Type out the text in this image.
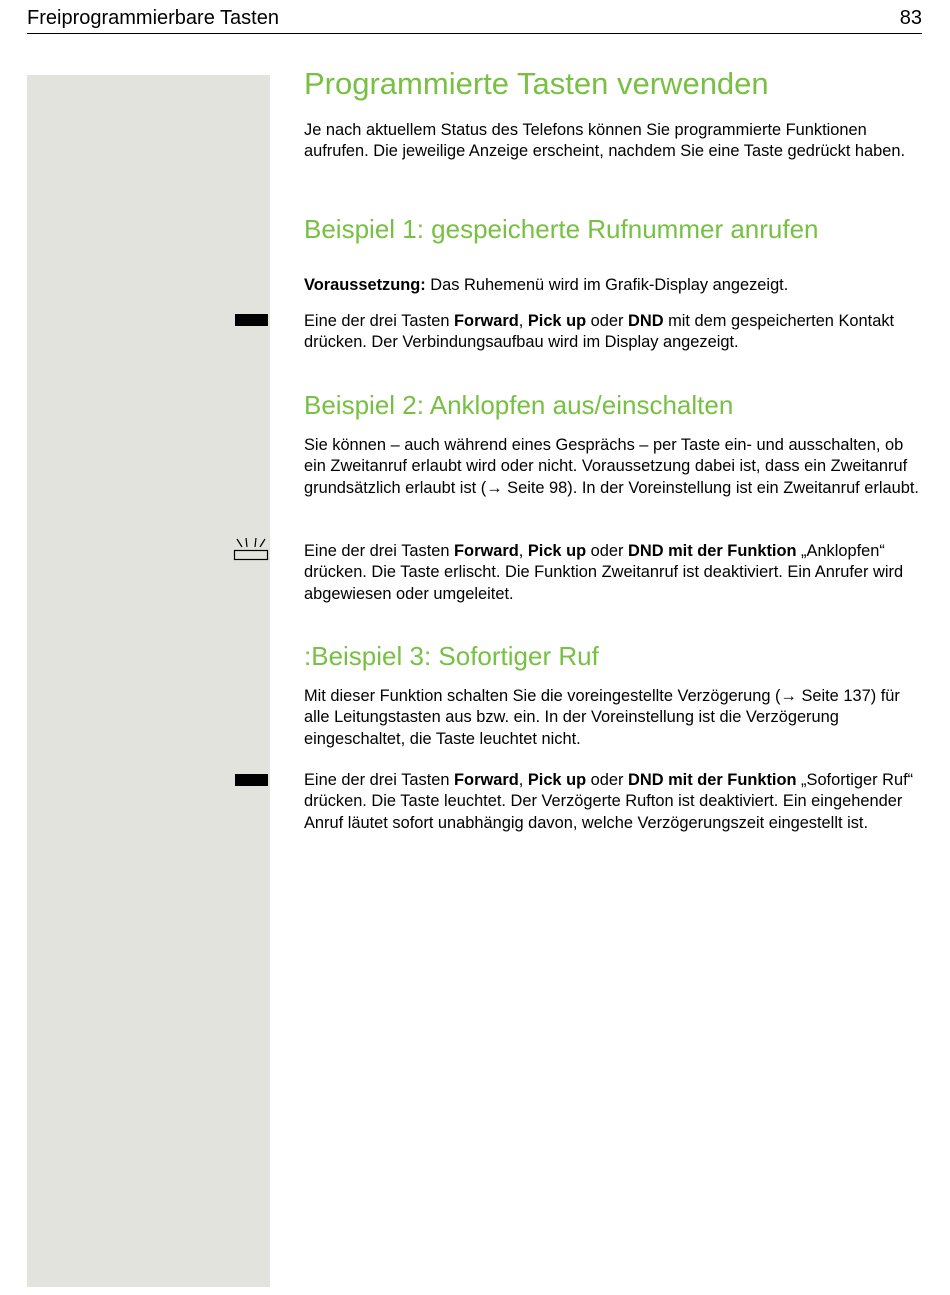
Freiprogrammierbare Tasten	83
Programmierte Tasten verwenden

Je nach aktuellem Status des Telefons können Sie programmierte Funktionen aufrufen. Die jeweilige Anzeige erscheint, nachdem Sie eine Taste gedrückt haben.

Beispiel 1: gespeicherte Rufnummer anrufen

Voraussetzung: Das Ruhemenü wird im Grafik-Display angezeigt.

Eine der drei Tasten Forward, Pick up oder DND mit dem gespeicherten Kontakt drücken. Der Verbindungsaufbau wird im Display angezeigt.

Beispiel 2: Anklopfen aus/einschalten

Sie können – auch während eines Gesprächs – per Taste ein- und ausschalten, ob ein Zweitanruf erlaubt wird oder nicht. Voraussetzung dabei ist, dass ein Zweitanruf grundsätzlich erlaubt ist (→ Seite 98). In der Voreinstellung ist ein Zweitanruf erlaubt.

Eine der drei Tasten Forward, Pick up oder DND mit der Funktion „Anklopfen“ drücken. Die Taste erlischt. Die Funktion Zweitanruf ist deaktiviert. Ein Anrufer wird abgewiesen oder umgeleitet.

:Beispiel 3: Sofortiger Ruf

Mit dieser Funktion schalten Sie die voreingestellte Verzögerung (→ Seite 137) für alle Leitungstasten aus bzw. ein. In der Voreinstellung ist die Verzögerung eingeschaltet, die Taste leuchtet nicht.

Eine der drei Tasten Forward, Pick up oder DND mit der Funktion „Sofortiger Ruf“ drücken. Die Taste leuchtet. Der Verzögerte Rufton ist deaktiviert. Ein eingehender Anruf läutet sofort unabhängig davon, welche Verzögerungszeit eingestellt ist.
